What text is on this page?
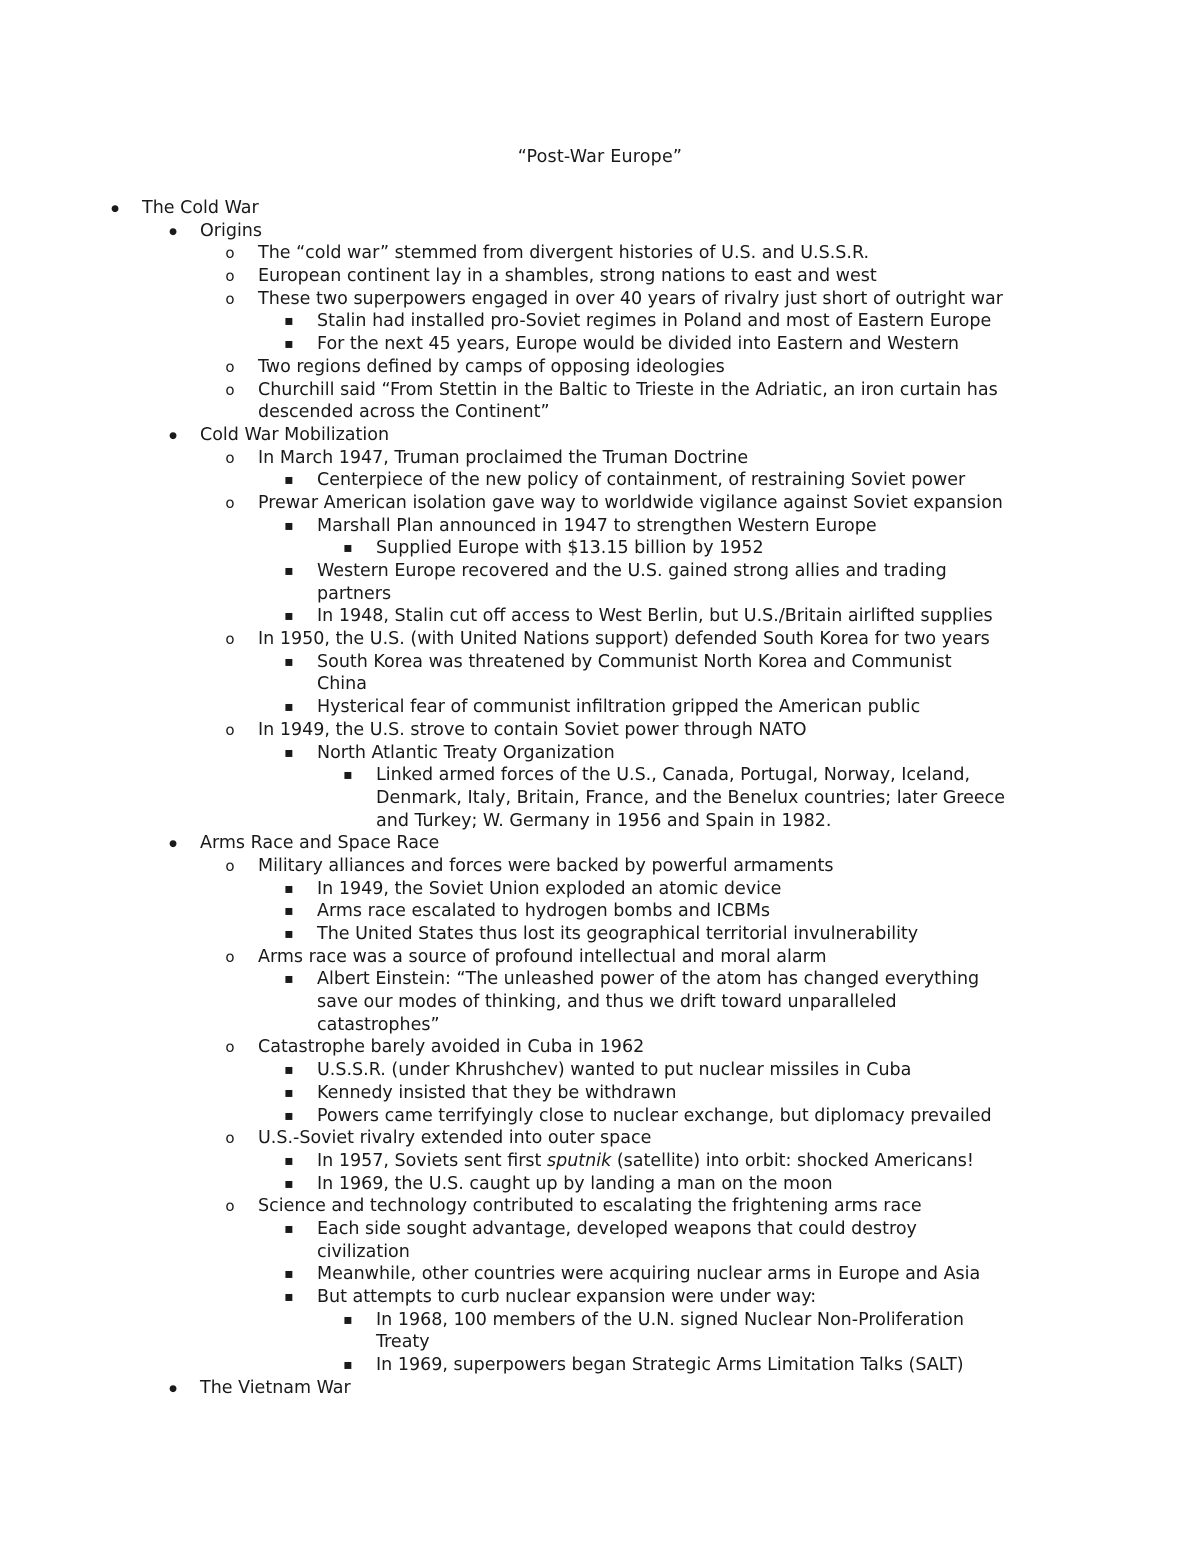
“Post-War Europe”
●
The Cold War
●
Origins
o
The “cold war” stemmed from divergent histories of U.S. and U.S.S.R.
o
European continent lay in a shambles, strong nations to east and west
o
These two superpowers engaged in over 40 years of rivalry just short of outright war
▪
Stalin had installed pro-Soviet regimes in Poland and most of Eastern Europe
▪
For the next 45 years, Europe would be divided into Eastern and Western
o
Two regions defined by camps of opposing ideologies
o
Churchill said “From Stettin in the Baltic to Trieste in the Adriatic, an iron curtain has
descended across the Continent”
●
Cold War Mobilization
o
In March 1947, Truman proclaimed the Truman Doctrine
▪
Centerpiece of the new policy of containment, of restraining Soviet power
o
Prewar American isolation gave way to worldwide vigilance against Soviet expansion
▪
Marshall Plan announced in 1947 to strengthen Western Europe
▪
Supplied Europe with $13.15 billion by 1952
▪
Western Europe recovered and the U.S. gained strong allies and trading
partners
▪
In 1948, Stalin cut off access to West Berlin, but U.S./Britain airlifted supplies
o
In 1950, the U.S. (with United Nations support) defended South Korea for two years
▪
South Korea was threatened by Communist North Korea and Communist
China
▪
Hysterical fear of communist infiltration gripped the American public
o
In 1949, the U.S. strove to contain Soviet power through NATO
▪
North Atlantic Treaty Organization
▪
Linked armed forces of the U.S., Canada, Portugal, Norway, Iceland,
Denmark, Italy, Britain, France, and the Benelux countries; later Greece
and Turkey; W. Germany in 1956 and Spain in 1982.
●
Arms Race and Space Race
o
Military alliances and forces were backed by powerful armaments
▪
In 1949, the Soviet Union exploded an atomic device
▪
Arms race escalated to hydrogen bombs and ICBMs
▪
The United States thus lost its geographical territorial invulnerability
o
Arms race was a source of profound intellectual and moral alarm
▪
Albert Einstein: “The unleashed power of the atom has changed everything
save our modes of thinking, and thus we drift toward unparalleled
catastrophes”
o
Catastrophe barely avoided in Cuba in 1962
▪
U.S.S.R. (under Khrushchev) wanted to put nuclear missiles in Cuba
▪
Kennedy insisted that they be withdrawn
▪
Powers came terrifyingly close to nuclear exchange, but diplomacy prevailed
o
U.S.-Soviet rivalry extended into outer space
▪
In 1957, Soviets sent first sputnik (satellite) into orbit: shocked Americans!
▪
In 1969, the U.S. caught up by landing a man on the moon
o
Science and technology contributed to escalating the frightening arms race
▪
Each side sought advantage, developed weapons that could destroy
civilization
▪
Meanwhile, other countries were acquiring nuclear arms in Europe and Asia
▪
But attempts to curb nuclear expansion were under way:
▪
In 1968, 100 members of the U.N. signed Nuclear Non-Proliferation
Treaty
▪
In 1969, superpowers began Strategic Arms Limitation Talks (SALT)
●
The Vietnam War
